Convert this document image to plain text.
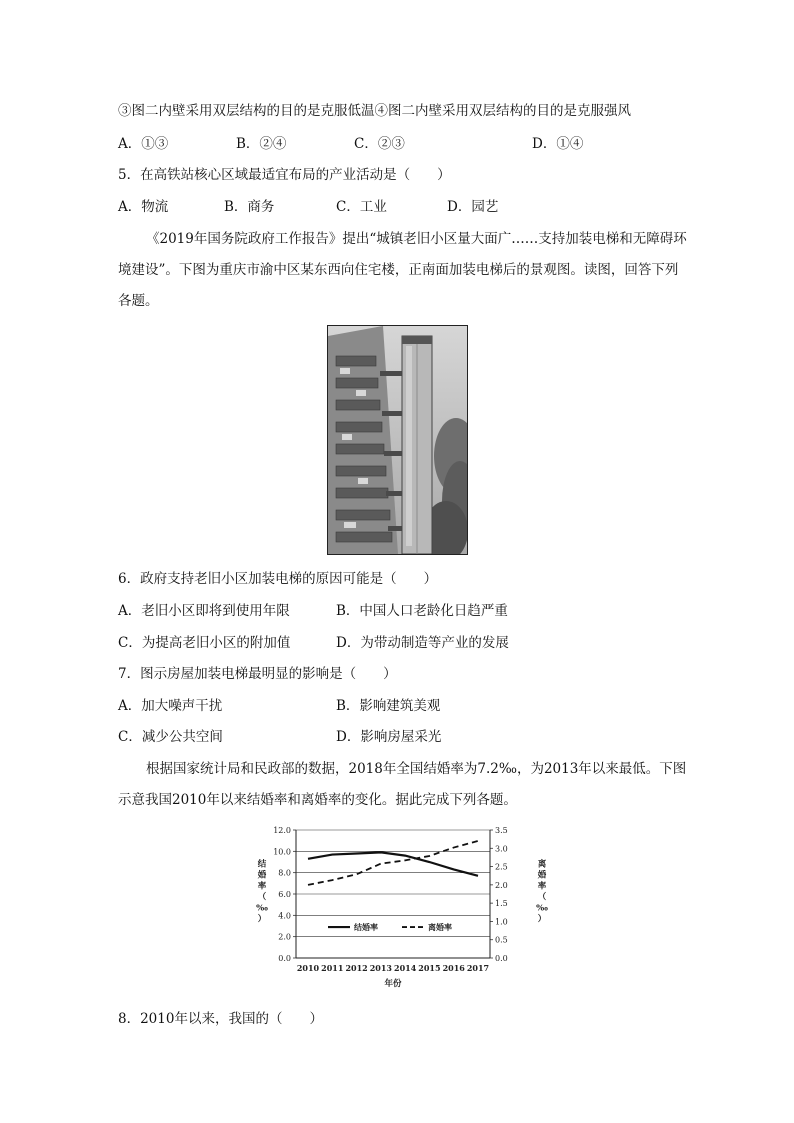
③图二内壁采用双层结构的目的是克服低温④图二内壁采用双层结构的目的是克服强风
A．①③	B．②④	C．②③	D．①④
5．在高铁站核心区域最适宜布局的产业活动是（　　）
A．物流	B．商务	C．工业	D．园艺
《2019年国务院政府工作报告》提出“城镇老旧小区量大面广……支持加装电梯和无障碍环境建设”。下图为重庆市渝中区某东西向住宅楼，正南面加装电梯后的景观图。读图，回答下列各题。
6．政府支持老旧小区加装电梯的原因可能是（　　）
A．老旧小区即将到使用年限	B．中国人口老龄化日趋严重
C．为提高老旧小区的附加值	D．为带动制造等产业的发展
7．图示房屋加装电梯最明显的影响是（　　）
A．加大噪声干扰	B．影响建筑美观
C．减少公共空间	D．影响房屋采光
根据国家统计局和民政部的数据，2018年全国结婚率为7.2‰，为2013年以来最低。下图示意我国2010年以来结婚率和离婚率的变化。据此完成下列各题。
0.0
2.0
4.0
6.0
8.0
10.0
12.0
0.0
0.5
1.0
1.5
2.0
2.5
3.0
3.5
2010 2011 2012 2013 2014 2015 2016 2017
年份
结婚率（‰）
离婚率（‰）
结婚率	离婚率
8．2010年以来，我国的（　　）
